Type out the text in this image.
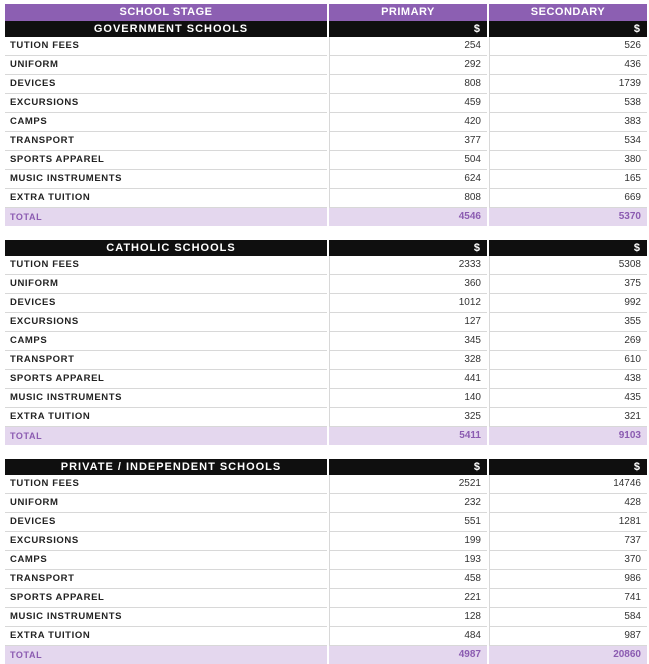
SCHOOL STAGE	PRIMARY	SECONDARY
GOVERNMENT SCHOOLS	$	$
TUTION FEES	254	526
UNIFORM	292	436
DEVICES	808	1739
EXCURSIONS	459	538
CAMPS	420	383
TRANSPORT	377	534
SPORTS APPAREL	504	380
MUSIC INSTRUMENTS	624	165
EXTRA TUITION	808	669
TOTAL	4546	5370
CATHOLIC SCHOOLS	$	$
TUTION FEES	2333	5308
UNIFORM	360	375
DEVICES	1012	992
EXCURSIONS	127	355
CAMPS	345	269
TRANSPORT	328	610
SPORTS APPAREL	441	438
MUSIC INSTRUMENTS	140	435
EXTRA TUITION	325	321
TOTAL	5411	9103
PRIVATE / INDEPENDENT SCHOOLS	$	$
TUTION FEES	2521	14746
UNIFORM	232	428
DEVICES	551	1281
EXCURSIONS	199	737
CAMPS	193	370
TRANSPORT	458	986
SPORTS APPAREL	221	741
MUSIC INSTRUMENTS	128	584
EXTRA TUITION	484	987
TOTAL	4987	20860
